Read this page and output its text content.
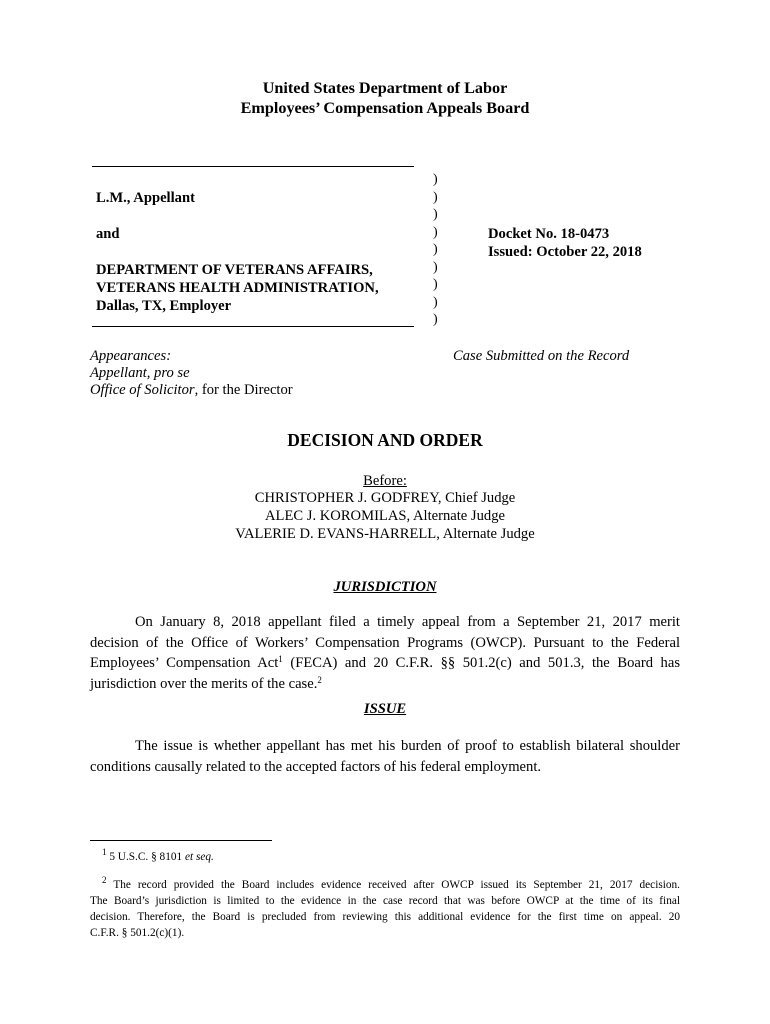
United States Department of Labor
Employees’ Compensation Appeals Board
L.M., Appellant
and
DEPARTMENT OF VETERANS AFFAIRS,
VETERANS HEALTH ADMINISTRATION,
Dallas, TX, Employer
)
)
)
)
)
)
)
)
)
Docket No. 18-0473
Issued: October 22, 2018
Appearances:
Appellant, pro se
Office of Solicitor, for the Director
Case Submitted on the Record
DECISION AND ORDER
Before:
CHRISTOPHER J. GODFREY, Chief Judge
ALEC J. KOROMILAS, Alternate Judge
VALERIE D. EVANS-HARRELL, Alternate Judge
JURISDICTION
On January 8, 2018 appellant filed a timely appeal from a September 21, 2017 merit
decision of the Office of Workers’ Compensation Programs (OWCP). Pursuant to the Federal
Employees’ Compensation Act$^1$ (FECA) and 20 C.F.R. §§ 501.2(c) and 501.3, the Board has
jurisdiction over the merits of the case.$^2$
ISSUE
The issue is whether appellant has met his burden of proof to establish bilateral shoulder
conditions causally related to the accepted factors of his federal employment.
$^1$ 5 U.S.C. § 8101 et seq.
$^2$ The record provided the Board includes evidence received after OWCP issued its September 21, 2017 decision.
The Board’s jurisdiction is limited to the evidence in the case record that was before OWCP at the time of its final
decision. Therefore, the Board is precluded from reviewing this additional evidence for the first time on appeal. 20
C.F.R. § 501.2(c)(1).
